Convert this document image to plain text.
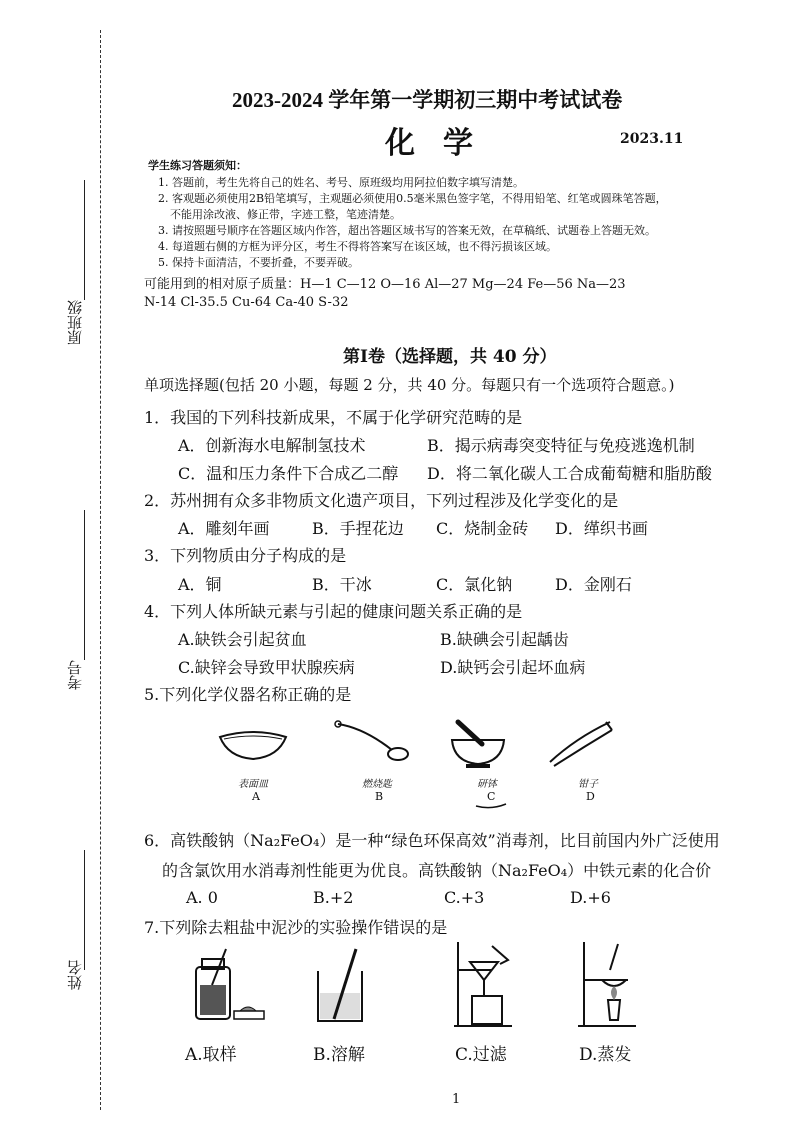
原班级
考号
姓名
2023-2024 学年第一学期初三期中考试试卷
化学	2023.11
学生练习答题须知：
1. 答题前，考生先将自己的姓名、考号、原班级均用阿拉伯数字填写清楚。
2. 客观题必须使用2B铅笔填写，主观题必须使用0.5毫米黑色签字笔，不得用铅笔、红笔或圆珠笔答题，
不能用涂改液、修正带，字迹工整，笔迹清楚。
3. 请按照题号顺序在答题区域内作答，超出答题区域书写的答案无效，在草稿纸、试题卷上答题无效。
4. 每道题右侧的方框为评分区，考生不得将答案写在该区域，也不得污损该区域。
5. 保持卡面清洁，不要折叠，不要弄破。
可能用到的相对原子质量：H—1 C—12 O—16 Al—27 Mg—24 Fe—56 Na—23
N-14 Cl-35.5 Cu-64 Ca-40 S-32
第Ⅰ卷（选择题，共 40 分）
单项选择题(包括 20 小题，每题 2 分，共 40 分。每题只有一个选项符合题意。)
1．我国的下列科技新成果，不属于化学研究范畴的是
A．创新海水电解制氢技术	B．揭示病毒突变特征与免疫逃逸机制
C．温和压力条件下合成乙二醇 D．将二氧化碳人工合成葡萄糖和脂肪酸
2．苏州拥有众多非物质文化遗产项目，下列过程涉及化学变化的是
A．雕刻年画	B．手捏花边 C．烧制金砖 D．缂织书画
3．下列物质由分子构成的是
A．铜	B．干冰	C．氯化钠	D．金刚石
4．下列人体所缺元素与引起的健康问题关系正确的是
A.缺铁会引起贫血	B.缺碘会引起龋齿
C.缺锌会导致甲状腺疾病	D.缺钙会引起坏血病
5.下列化学仪器名称正确的是
表面皿	燃烧匙	研钵	钳子
A	B	C	D
6．高铁酸钠（Na₂FeO₄）是一种“绿色环保高效”消毒剂，比目前国内外广泛使用
的含氯饮用水消毒剂性能更为优良。高铁酸钠（Na₂FeO₄）中铁元素的化合价
A. 0	B.+2	C.+3	D.+6
7.下列除去粗盐中泥沙的实验操作错误的是
A.取样	B.溶解	C.过滤	D.蒸发
1
